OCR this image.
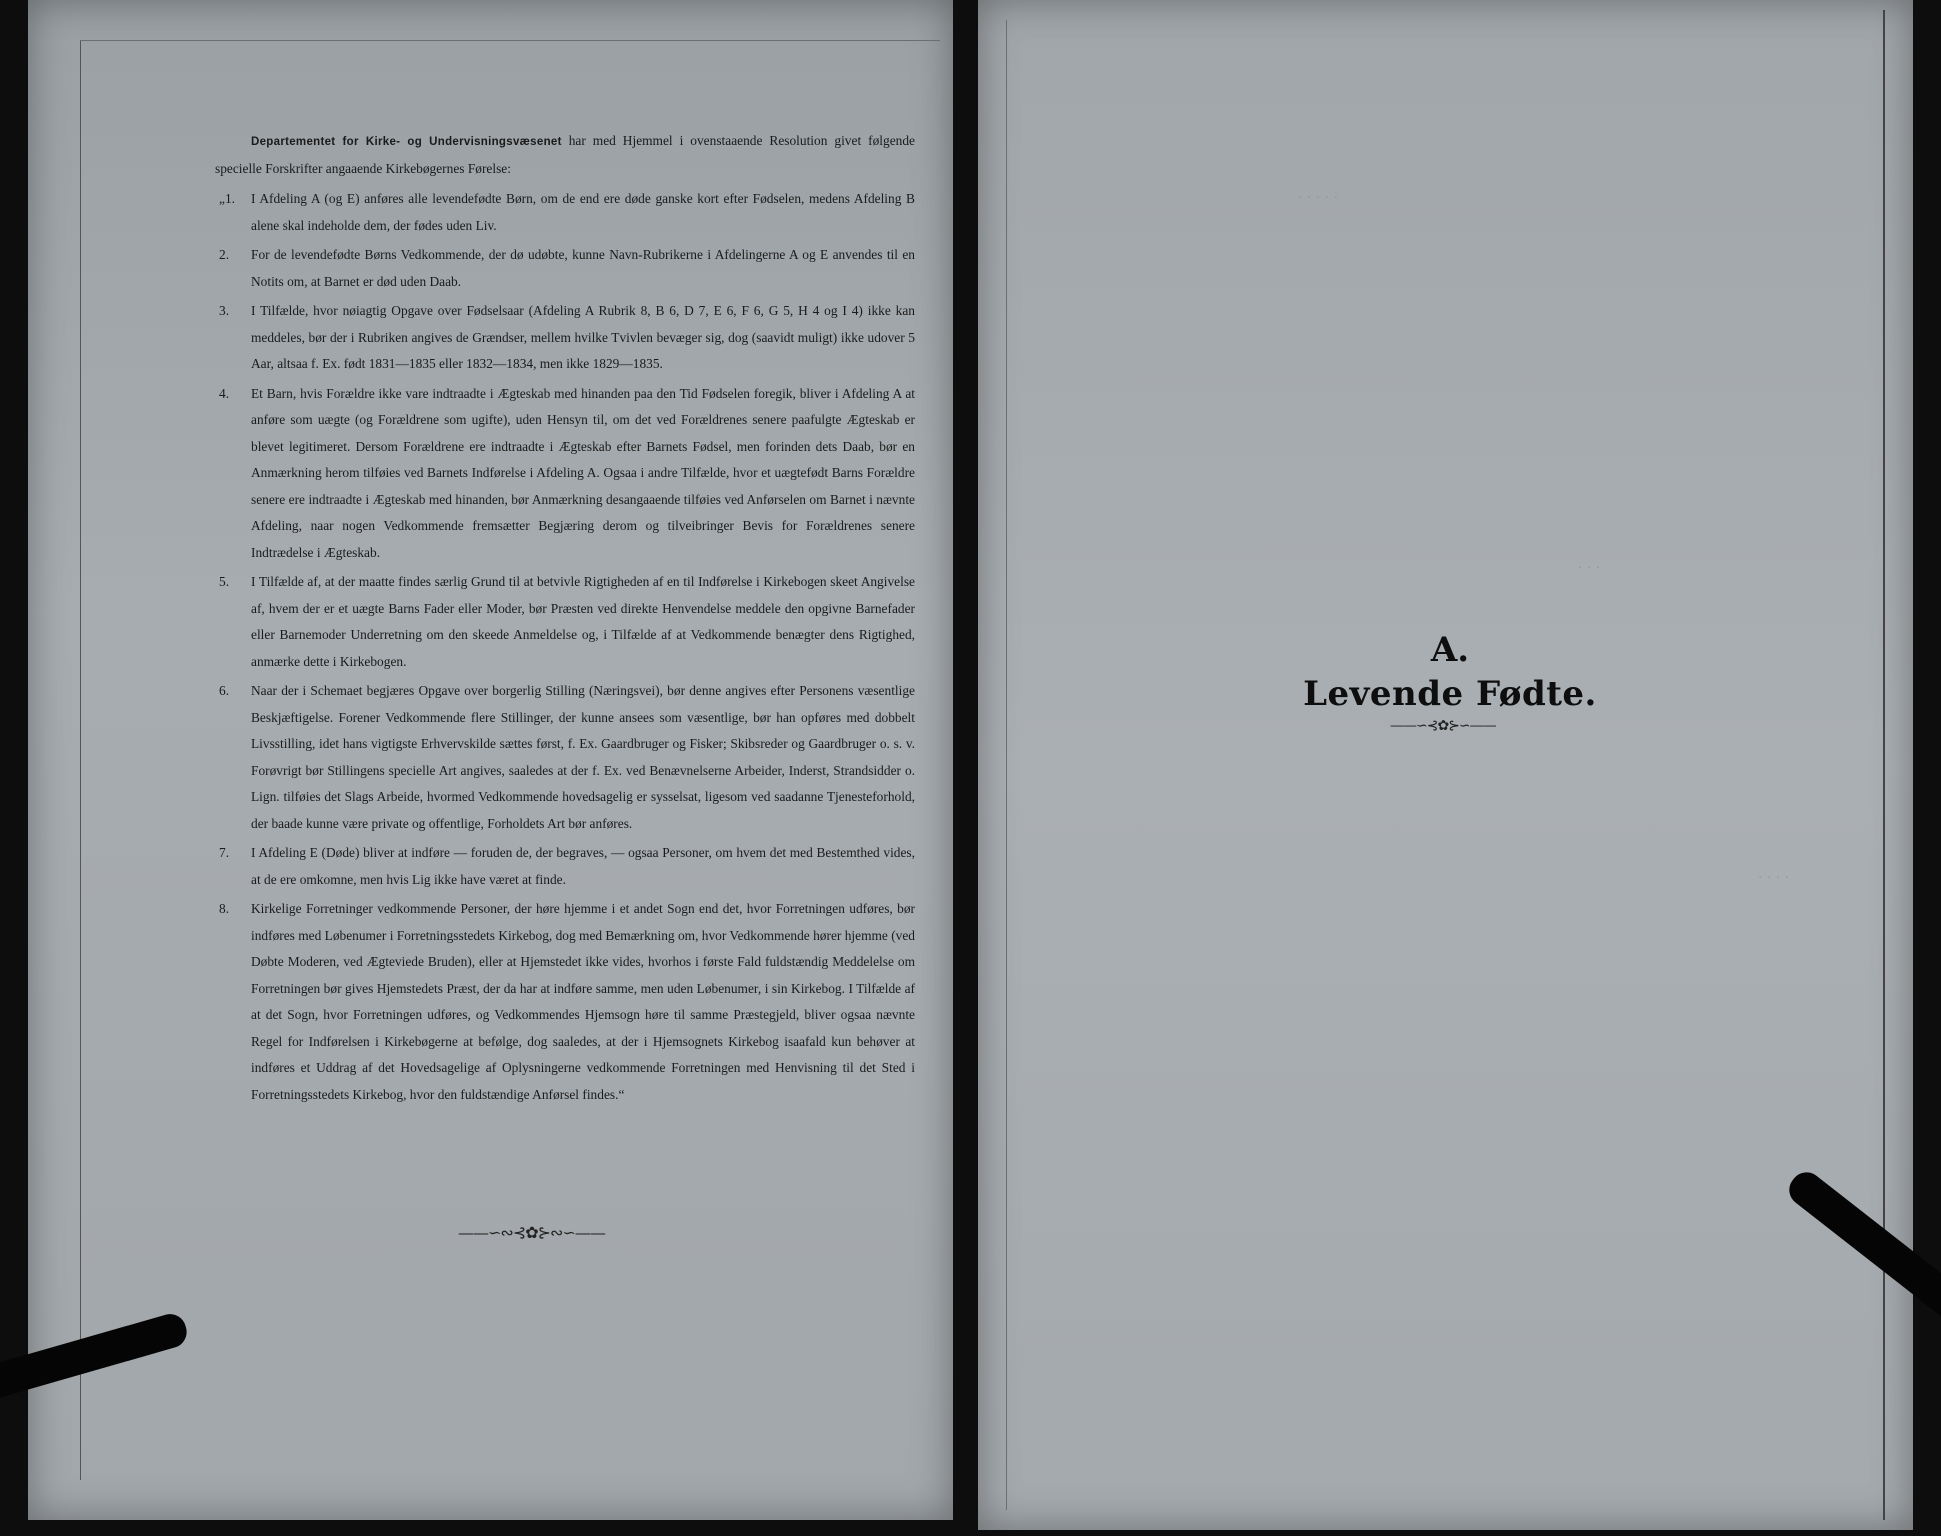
——∽∾⊰✿⊱∾∽——
· · · · ·
· · ·
· · · ·
——∽⊰✿⊱∽——

Departementet for Kirke- og Undervisningsvæsenet har med Hjemmel i ovenstaaende Resolution givet følgende specielle Forskrifter angaaende Kirkebøgernes Førelse:

„1.	I Afdeling A (og E) anføres alle levendefødte Børn, om de end ere døde ganske kort efter Fødselen, medens Afdeling B alene skal indeholde dem, der fødes uden Liv.
2.	For de levendefødte Børns Vedkommende, der dø udøbte, kunne Navn-Rubrikerne i Afdelingerne A og E anvendes til en Notits om, at Barnet er død uden Daab.
3.	I Tilfælde, hvor nøiagtig Opgave over Fødselsaar (Afdeling A Rubrik 8, B 6, D 7, E 6, F 6, G 5, H 4 og I 4) ikke kan meddeles, bør der i Rubriken angives de Grændser, mellem hvilke Tvivlen bevæger sig, dog (saavidt muligt) ikke udover 5 Aar, altsaa f. Ex. født 1831—1835 eller 1832—1834, men ikke 1829—1835.
4.	Et Barn, hvis Forældre ikke vare indtraadte i Ægteskab med hinanden paa den Tid Fødselen foregik, bliver i Afdeling A at anføre som uægte (og Forældrene som ugifte), uden Hensyn til, om det ved Forældrenes senere paafulgte Ægteskab er blevet legitimeret. Dersom Forældrene ere indtraadte i Ægteskab efter Barnets Fødsel, men forinden dets Daab, bør en Anmærkning herom tilføies ved Barnets Indførelse i Afdeling A. Ogsaa i andre Tilfælde, hvor et uægtefødt Barns Forældre senere ere indtraadte i Ægteskab med hinanden, bør Anmærkning desangaaende tilføies ved Anførselen om Barnet i nævnte Afdeling, naar nogen Vedkommende fremsætter Begjæring derom og tilveibringer Bevis for Forældrenes senere Indtrædelse i Ægteskab.
5.	I Tilfælde af, at der maatte findes særlig Grund til at betvivle Rigtigheden af en til Indførelse i Kirkebogen skeet Angivelse af, hvem der er et uægte Barns Fader eller Moder, bør Præsten ved direkte Henvendelse meddele den opgivne Barnefader eller Barnemoder Underretning om den skeede Anmeldelse og, i Tilfælde af at Vedkommende benægter dens Rigtighed, anmærke dette i Kirkebogen.
6.	Naar der i Schemaet begjæres Opgave over borgerlig Stilling (Næringsvei), bør denne angives efter Personens væsentlige Beskjæftigelse. Forener Vedkommende flere Stillinger, der kunne ansees som væsentlige, bør han opføres med dobbelt Livsstilling, idet hans vigtigste Erhvervskilde sættes først, f. Ex. Gaardbruger og Fisker; Skibsreder og Gaardbruger o. s. v. Forøvrigt bør Stillingens specielle Art angives, saaledes at der f. Ex. ved Benævnelserne Arbeider, Inderst, Strandsidder o. Lign. tilføies det Slags Arbeide, hvormed Vedkommende hovedsagelig er sysselsat, ligesom ved saadanne Tjenesteforhold, der baade kunne være private og offentlige, Forholdets Art bør anføres.
7.	I Afdeling E (Døde) bliver at indføre — foruden de, der begraves, — ogsaa Personer, om hvem det med Bestemthed vides, at de ere omkomne, men hvis Lig ikke have været at finde.
8.	Kirkelige Forretninger vedkommende Personer, der høre hjemme i et andet Sogn end det, hvor Forretningen udføres, bør indføres med Løbenumer i Forretningsstedets Kirkebog, dog med Bemærkning om, hvor Vedkommende hører hjemme (ved Døbte Moderen, ved Ægteviede Bruden), eller at Hjemstedet ikke vides, hvorhos i første Fald fuldstændig Meddelelse om Forretningen bør gives Hjemstedets Præst, der da har at indføre samme, men uden Løbenumer, i sin Kirkebog. I Tilfælde af at det Sogn, hvor Forretningen udføres, og Vedkommendes Hjemsogn høre til samme Præstegjeld, bliver ogsaa nævnte Regel for Indførelsen i Kirkebøgerne at befølge, dog saaledes, at der i Hjemsognets Kirkebog isaafald kun behøver at indføres et Uddrag af det Hovedsagelige af Oplysningerne vedkommende Forretningen med Henvisning til det Sted i Forretningsstedets Kirkebog, hvor den fuldstændige Anførsel findes.“
A.
Levende Fødte.
